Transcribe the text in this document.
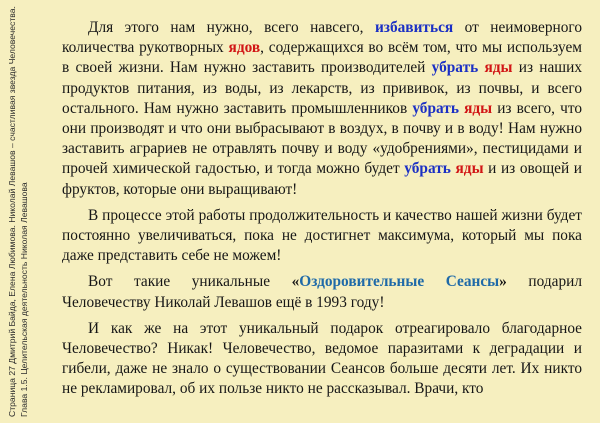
Страница 27 Дмитрий Байда, Елена Любимова. Николай Левашов – счастливая звезда Человечества. Глава 1.5. Целительская деятельность Николая Левашова

Для этого нам нужно, всего навсего, избавиться от неимоверного количества рукотворных ядов, содержащихся во всём том, что мы используем в своей жизни. Нам нужно заставить производителей убрать яды из наших продуктов питания, из воды, из лекарств, из прививок, из почвы, и всего остального. Нам нужно заставить промышленников убрать яды из всего, что они производят и что они выбрасывают в воздух, в почву и в воду! Нам нужно заставить аграриев не отравлять почву и воду «удобрениями», пестицидами и прочей химической гадостью, и тогда можно будет убрать яды и из овощей и фруктов, которые они выращивают!

В процессе этой работы продолжительность и качество нашей жизни будет постоянно увеличиваться, пока не достигнет максимума, который мы пока даже представить себе не можем!

Вот такие уникальные «Оздоровительные Сеансы» подарил Человечеству Николай Левашов ещё в 1993 году!

И как же на этот уникальный подарок отреагировало благодарное Человечество? Никак! Человечество, ведомое паразитами к деградации и гибели, даже не знало о существовании Сеансов больше десяти лет. Их никто не рекламировал, об их пользе никто не рассказывал. Врачи, кто
